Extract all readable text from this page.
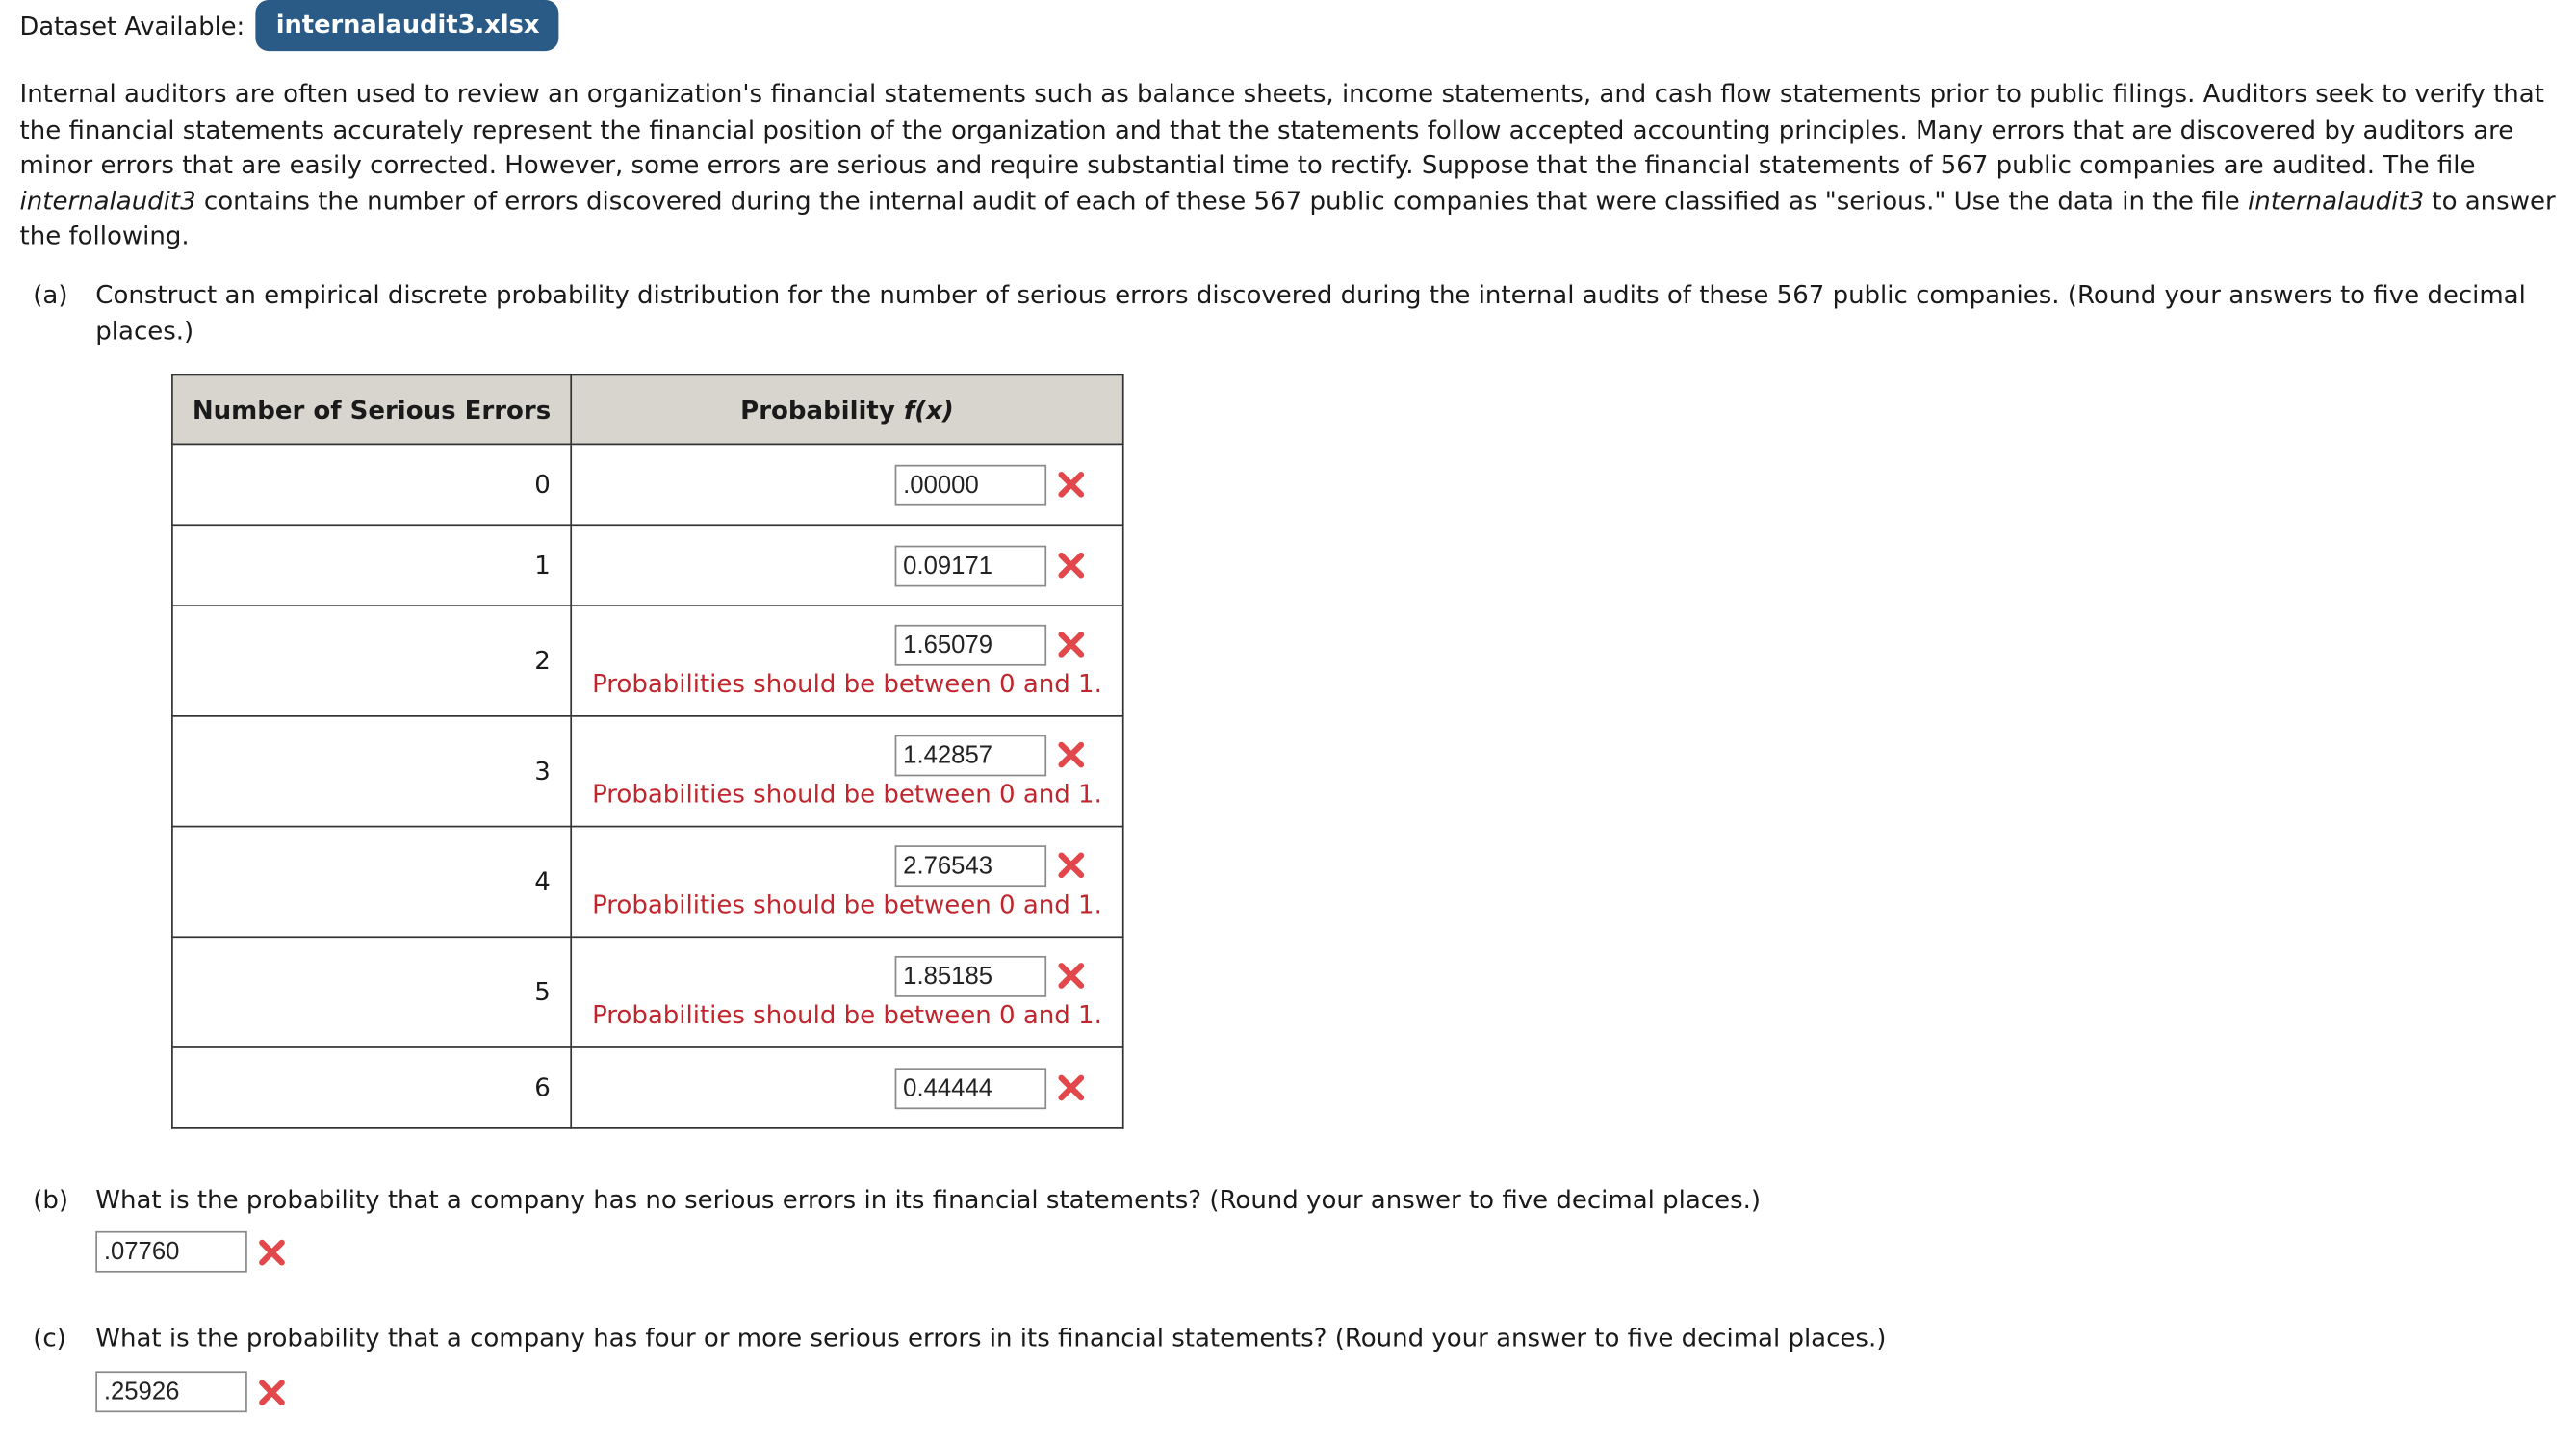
Dataset Available:	internalaudit3.xlsx

Internal auditors are often used to review an organization's financial statements such as balance sheets, income statements, and cash flow statements prior to public filings. Auditors seek to verify that the financial statements accurately represent the financial position of the organization and that the statements follow accepted accounting principles. Many errors that are discovered by auditors are minor errors that are easily corrected. However, some errors are serious and require substantial time to rectify. Suppose that the financial statements of 567 public companies are audited. The file internalaudit3 contains the number of errors discovered during the internal audit of each of these 567 public companies that were classified as "serious." Use the data in the file internalaudit3 to answer the following.

(a)	Construct an empirical discrete probability distribution for the number of serious errors discovered during the internal audits of these 567 public companies. (Round your answers to five decimal places.)
Number of Serious Errors	Probability f(x)
0	.00000

1	0.09171

2	1.65079
Probabilities should be between 0 and 1.

3	1.42857
Probabilities should be between 0 and 1.

4	2.76543
Probabilities should be between 0 and 1.

5	1.85185
Probabilities should be between 0 and 1.

6	0.44444
(b)	What is the probability that a company has no serious errors in its financial statements? (Round your answer to five decimal places.)
.07760
(c)	What is the probability that a company has four or more serious errors in its financial statements? (Round your answer to five decimal places.)
.25926
